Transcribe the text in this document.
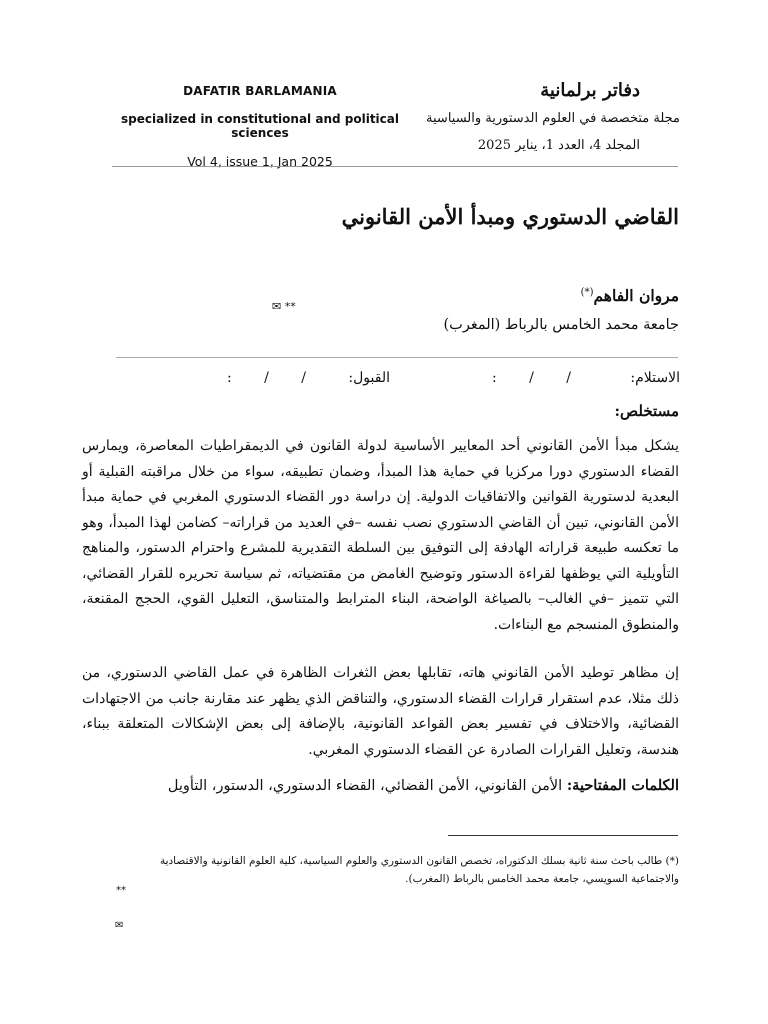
DAFATIR BARLAMANIA
specialized in constitutional and political sciences
Vol 4, issue 1, Jan 2025
دفاتر برلمانية
مجلة متخصصة في العلوم الدستورية والسياسية
المجلد 4، العدد 1، يناير 2025
القاضي الدستوري ومبدأ الأمن القانوني
مروان الفاهم(*)
✉ **
جامعة محمد الخامس بالرباط (المغرب)
الاستلام:
/ / :
القبول:
/ / :
مستخلص:
يشكل مبدأ الأمن القانوني أحد المعايير الأساسية لدولة القانون في الديمقراطيات المعاصرة، ويمارس القضاء الدستوري دورا مركزيا في حماية هذا المبدأ، وضمان تطبيقه، سواء من خلال مراقبته القبلية أو البعدية لدستورية القوانين والاتفاقيات الدولية. إن دراسة دور القضاء الدستوري المغربي في حماية مبدأ الأمن القانوني، تبين أن القاضي الدستوري نصب نفسه –في العديد من قراراته– كضامن لهذا المبدأ، وهو ما تعكسه طبيعة قراراته الهادفة إلى التوفيق بين السلطة التقديرية للمشرع واحترام الدستور، والمناهج التأويلية التي يوظفها لقراءة الدستور وتوضيح الغامض من مقتضياته، ثم سياسة تحريره للقرار القضائي، التي تتميز –في الغالب– بالصياغة الواضحة، البناء المترابط والمتناسق، التعليل القوي، الحجج المقنعة، والمنطوق المنسجم مع البناءات.
إن مظاهر توطيد الأمن القانوني هاته، تقابلها بعض الثغرات الظاهرة في عمل القاضي الدستوري، من ذلك مثلا، عدم استقرار قرارات القضاء الدستوري، والتناقض الذي يظهر عند مقارنة جانب من الاجتهادات القضائية، والاختلاف في تفسير بعض القواعد القانونية، بالإضافة إلى بعض الإشكالات المتعلقة ببناء، هندسة، وتعليل القرارات الصادرة عن القضاء الدستوري المغربي.
الكلمات المفتاحية: الأمن القانوني، الأمن القضائي، القضاء الدستوري، الدستور، التأويل
(*) طالب باحث سنة ثانية بسلك الدكتوراه، تخصص القانون الدستوري والعلوم السياسية، كلية العلوم القانونية والاقتصادية والاجتماعية السويسي، جامعة محمد الخامس بالرباط (المغرب).
**
✉
